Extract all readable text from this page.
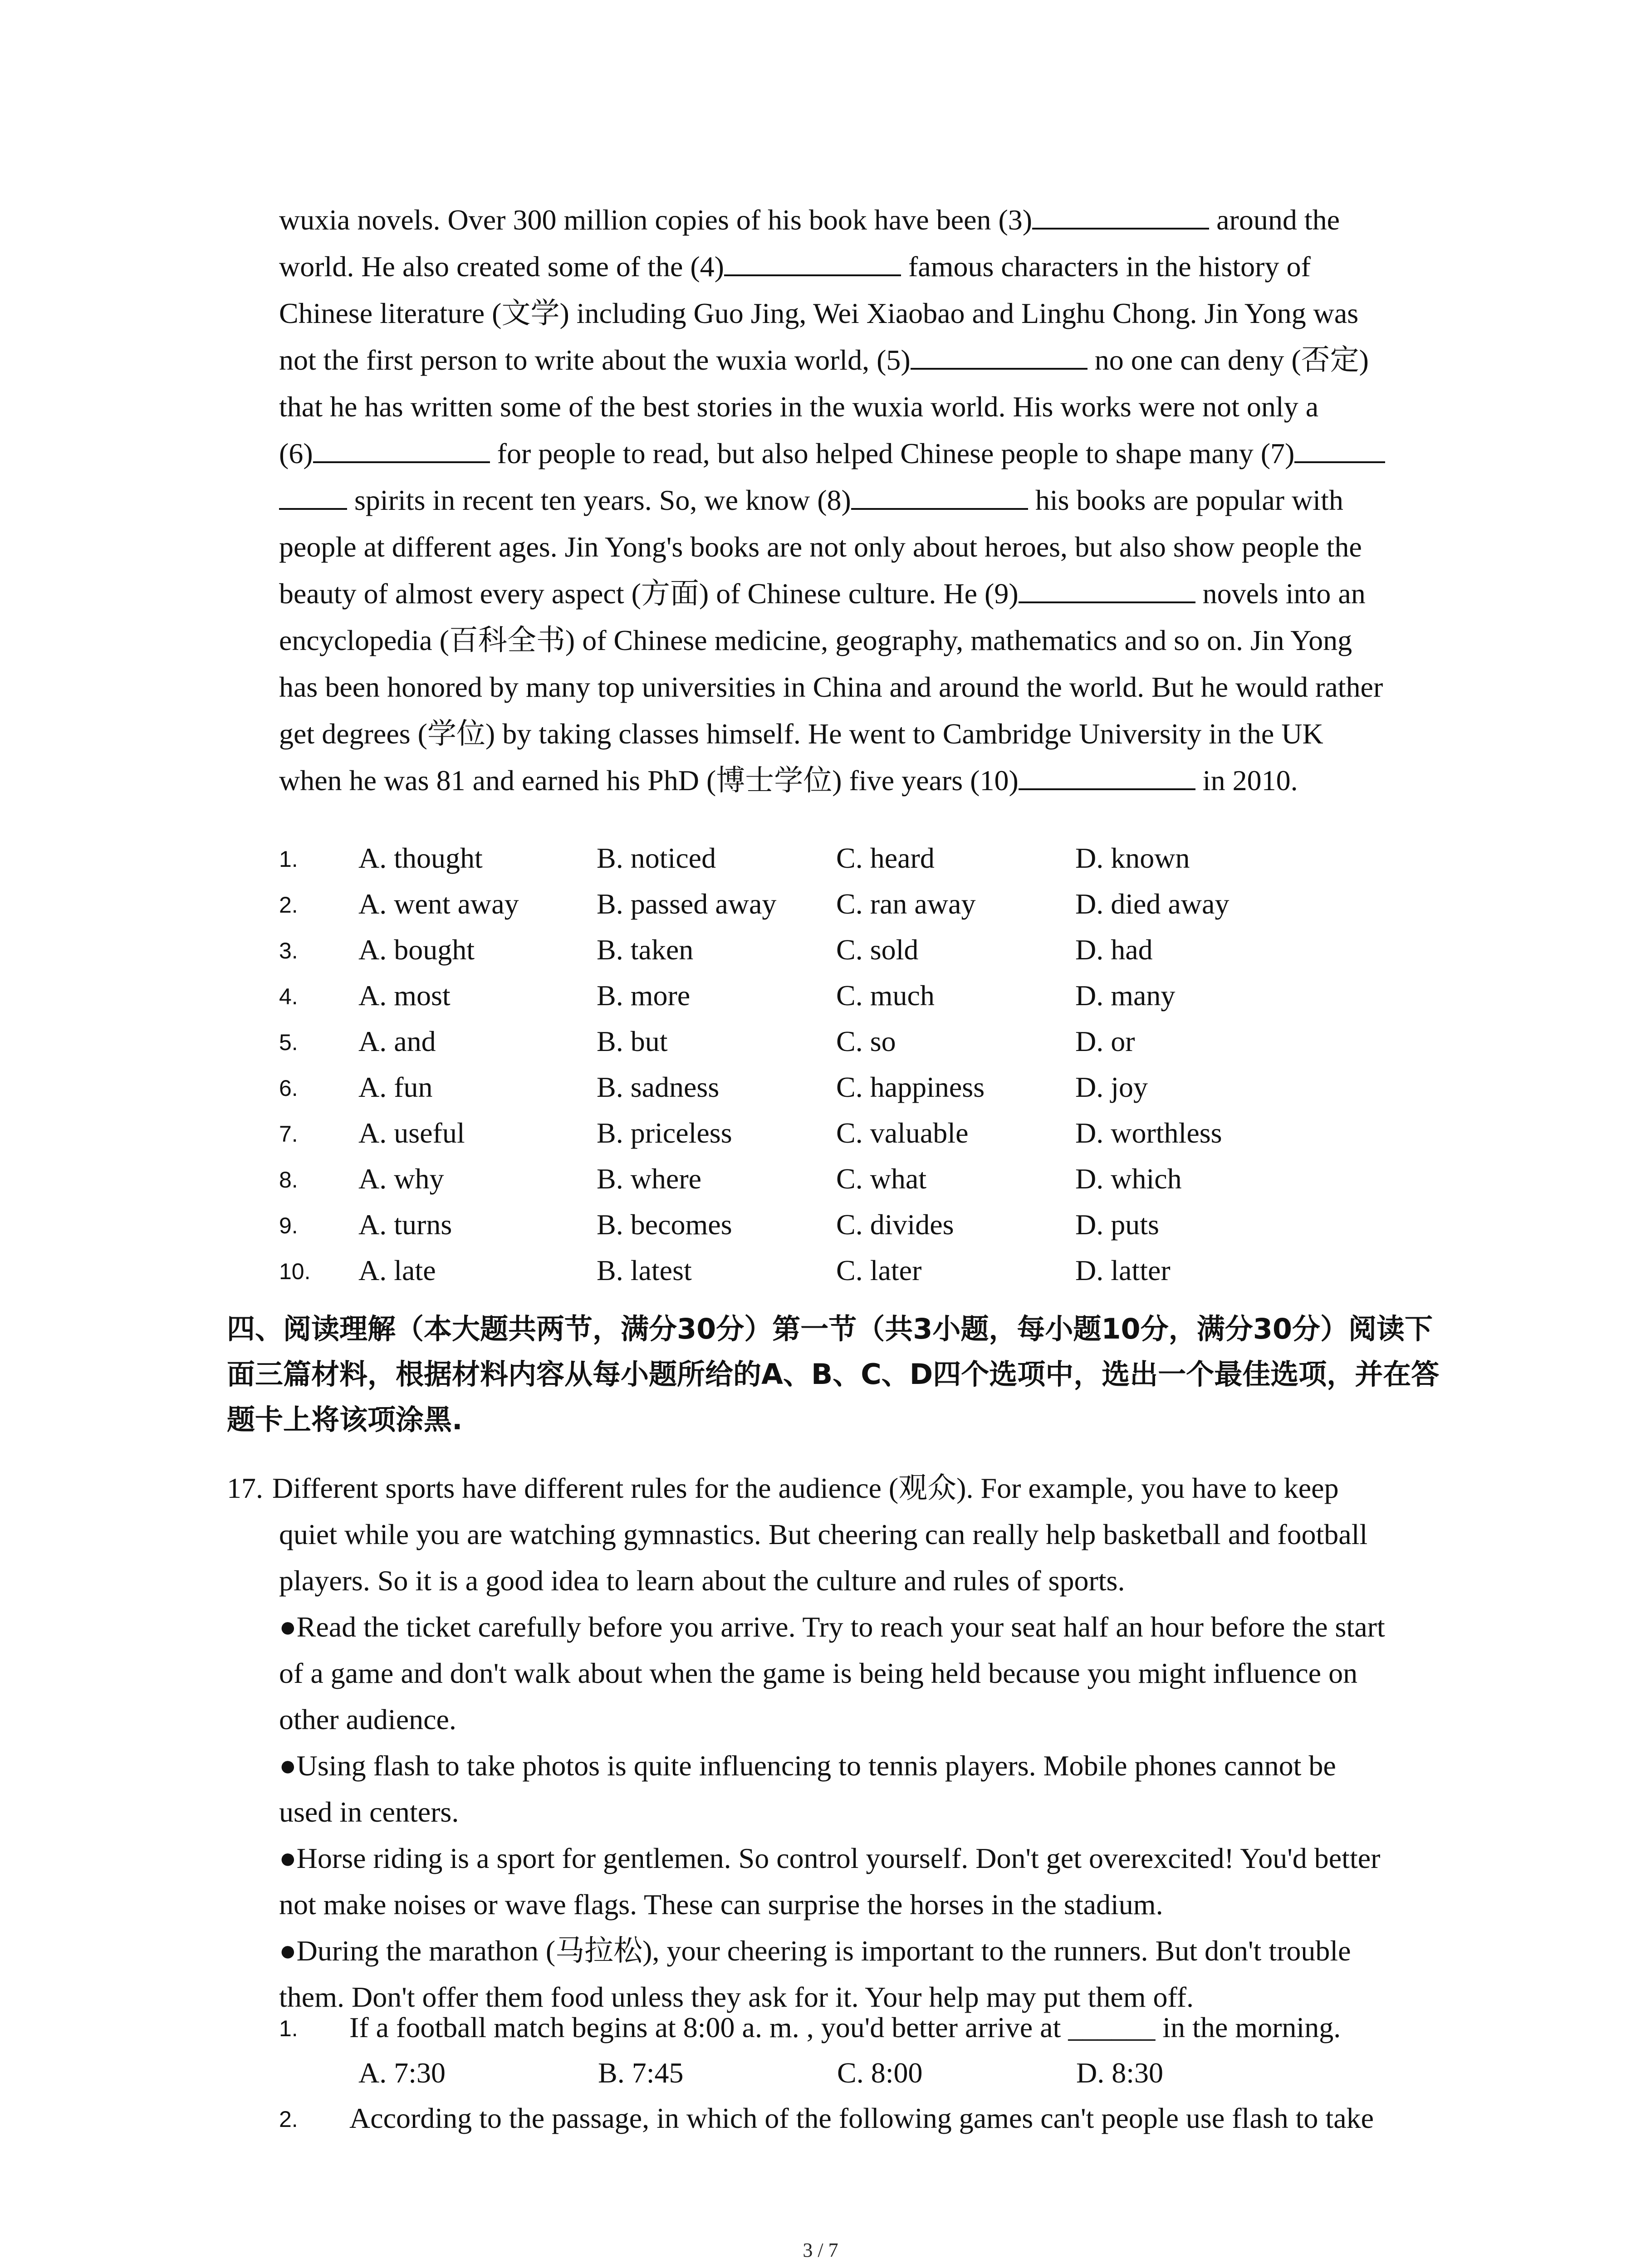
wuxia novels. Over 300 million copies of his book have been (3)	around the
world. He also created some of the (4)	famous characters in the history of
Chinese literature (文学) including Guo Jing, Wei Xiaobao and Linghu Chong. Jin Yong was
not the first person to write about the wuxia world, (5)	no one can deny (否定)
that he has written some of the best stories in the wuxia world. His works were not only a
(6)	for people to read, but also helped Chinese people to shape many (7)
spirits in recent ten years. So, we know (8)	his books are popular with
people at different ages. Jin Yong's books are not only about heroes, but also show people the
beauty of almost every aspect (方面) of Chinese culture. He (9)	novels into an
encyclopedia (百科全书) of Chinese medicine, geography, mathematics and so on. Jin Yong
has been honored by many top universities in China and around the world. But he would rather
get degrees (学位) by taking classes himself. He went to Cambridge University in the UK
when he was 81 and earned his PhD (博士学位) five years (10)	in 2010.
1. A. thought	B. noticed	C. heard	D. known
2. A. went away	B. passed away C. ran away	D. died away
3. A. bought	B. taken	C. sold	D. had
4. A. most	B. more	C. much	D. many
5. A. and	B. but	C. so	D. or
6. A. fun	B. sadness	C. happiness	D. joy
7. A. useful	B. priceless	C. valuable	D. worthless
8. A. why	B. where	C. what	D. which
9. A. turns	B. becomes	C. divides	D. puts
10. A. late	B. latest	C. later	D. latter
四、阅读理解（本大题共两节，满分30分）第一节（共3小题，每小题10分，满分30分）阅读下面三篇材料，根据材料内容从每小题所给的A、B、C、D四个选项中，选出一个最佳选项，并在答题卡上将该项涂黑.
17. Different sports have different rules for the audience (观众). For example, you have to keep
quiet while you are watching gymnastics. But cheering can really help basketball and football
players. So it is a good idea to learn about the culture and rules of sports.
●Read the ticket carefully before you arrive. Try to reach your seat half an hour before the start
of a game and don't walk about when the game is being held because you might influence on
other audience.
●Using flash to take photos is quite influencing to tennis players. Mobile phones cannot be
used in centers.
●Horse riding is a sport for gentlemen. So control yourself. Don't get overexcited! You'd better
not make noises or wave flags. These can surprise the horses in the stadium.
●During the marathon (马拉松), your cheering is important to the runners. But don't trouble
them. Don't offer them food unless they ask for it. Your help may put them off.
1. If a football match begins at 8:00 a. m. , you'd better arrive at ______ in the morning.
A. 7:30	B. 7:45	C. 8:00	D. 8:30
2. According to the passage, in which of the following games can't people use flash to take
3 / 7
